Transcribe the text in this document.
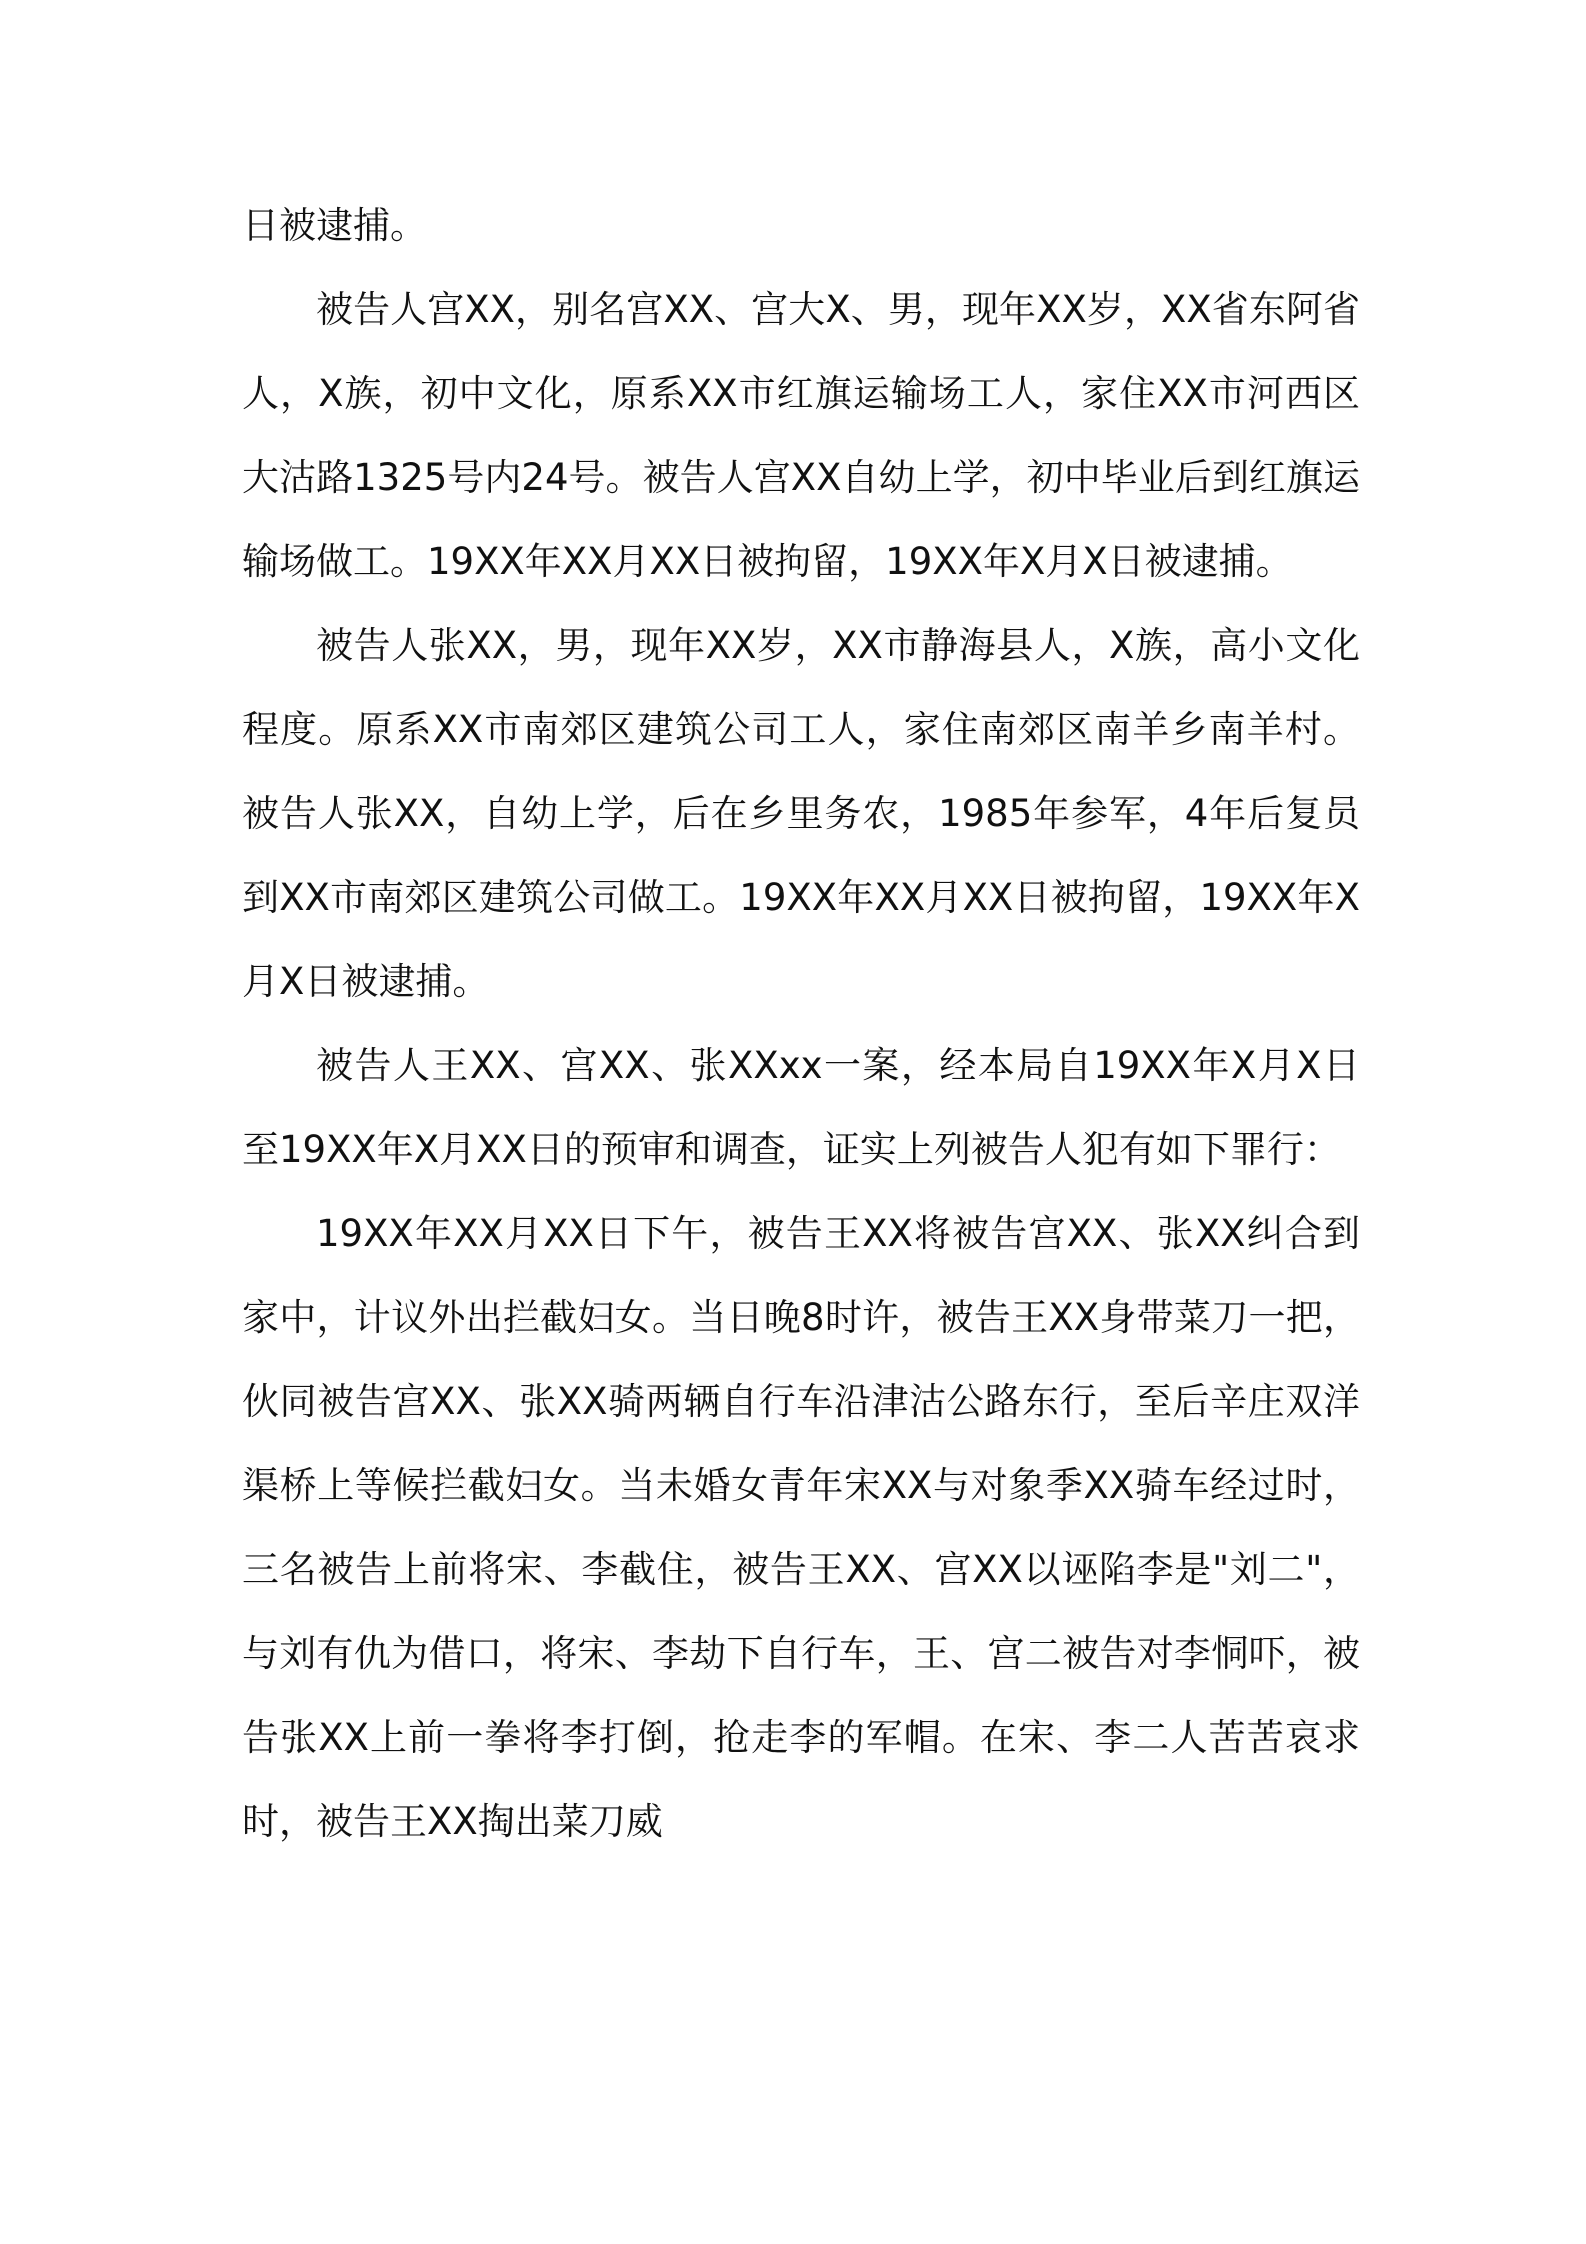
日被逮捕。

被告人宫XX，别名宫XX、宫大X、男，现年XX岁，XX省东阿省人，X族，初中文化，原系XX市红旗运输场工人，家住XX市河西区大沽路1325号内24号。被告人宫XX自幼上学，初中毕业后到红旗运输场做工。19XX年XX月XX日被拘留，19XX年X月X日被逮捕。

被告人张XX，男，现年XX岁，XX市静海县人，X族，高小文化程度。原系XX市南郊区建筑公司工人，家住南郊区南羊乡南羊村。被告人张XX，自幼上学，后在乡里务农，1985年参军，4年后复员到XX市南郊区建筑公司做工。19XX年XX月XX日被拘留，19XX年X月X日被逮捕。

被告人王XX、宫XX、张XXxx一案，经本局自19XX年X月X日至19XX年X月XX日的预审和调查，证实上列被告人犯有如下罪行：

19XX年XX月XX日下午，被告王XX将被告宫XX、张XX纠合到家中，计议外出拦截妇女。当日晚8时许，被告王XX身带菜刀一把，伙同被告宫XX、张XX骑两辆自行车沿津沽公路东行，至后辛庄双洋渠桥上等候拦截妇女。当未婚女青年宋XX与对象季XX骑车经过时，三名被告上前将宋、李截住，被告王XX、宫XX以诬陷李是"刘二"，与刘有仇为借口，将宋、李劫下自行车，王、宫二被告对李恫吓，被告张XX上前一拳将李打倒，抢走李的军帽。在宋、李二人苦苦哀求时，被告王XX掏出菜刀威
